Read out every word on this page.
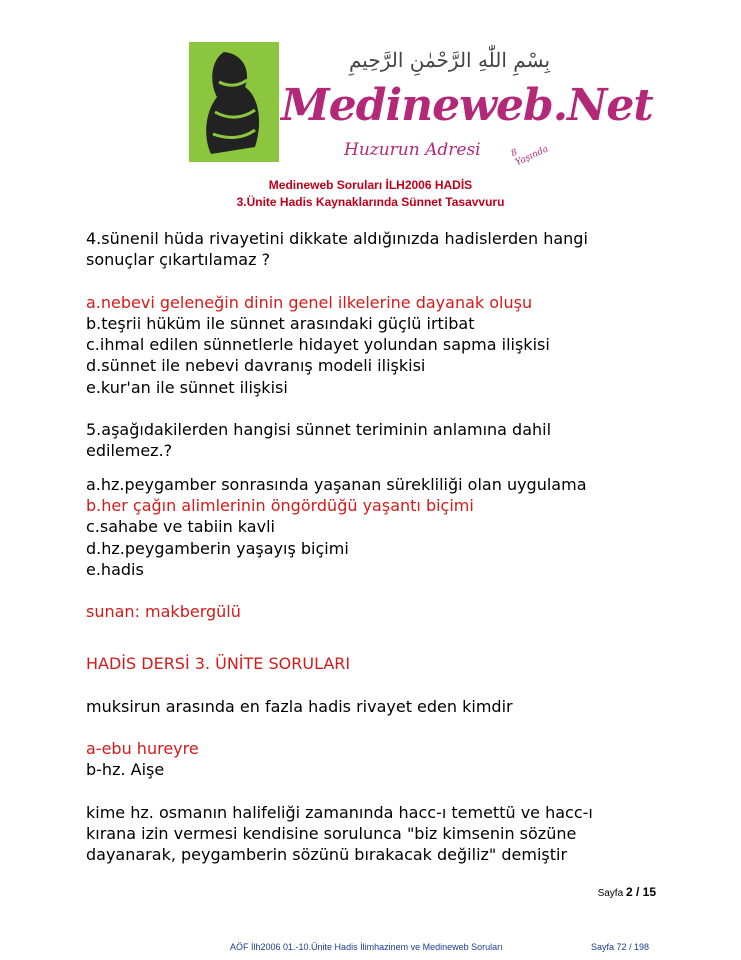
بِسْمِ اللّٰهِ الرَّحْمٰنِ الرَّحِيمِ
Medineweb.Net
Huzurun Adresi	8 Yaşında
Medineweb Soruları İLH2006 HADİS
3.Ünite Hadis Kaynaklarında Sünnet Tasavvuru

4.sünenil hüda rivayetini dikkate aldığınızda hadislerden hangi

sonuçlar çıkartılamaz ?

a.nebevi geleneğin dinin genel ilkelerine dayanak oluşu

b.teşrii hüküm ile sünnet arasındaki güçlü irtibat

c.ihmal edilen sünnetlerle hidayet yolundan sapma ilişkisi

d.sünnet ile nebevi davranış modeli ilişkisi

e.kur'an ile sünnet ilişkisi

5.aşağıdakilerden hangisi sünnet teriminin anlamına dahil

edilemez.?

a.hz.peygamber sonrasında yaşanan sürekliliği olan uygulama

b.her çağın alimlerinin öngördüğü yaşantı biçimi

c.sahabe ve tabiin kavli

d.hz.peygamberin yaşayış biçimi

e.hadis

sunan: makbergülü

HADİS DERSİ 3. ÜNİTE SORULARI

muksirun arasında en fazla hadis rivayet eden kimdir

a-ebu hureyre

b-hz. Aişe

kime hz. osmanın halifeliği zamanında hacc-ı temettü ve hacc-ı

kırana izin vermesi kendisine sorulunca "biz kimsenin sözüne

dayanarak, peygamberin sözünü bırakacak değiliz" demiştir

Sayfa 2 / 15
AÖF İlh2006 01.-10.Ünite Hadis İlimhazinem ve Medineweb Soruları	Sayfa 72 / 198
